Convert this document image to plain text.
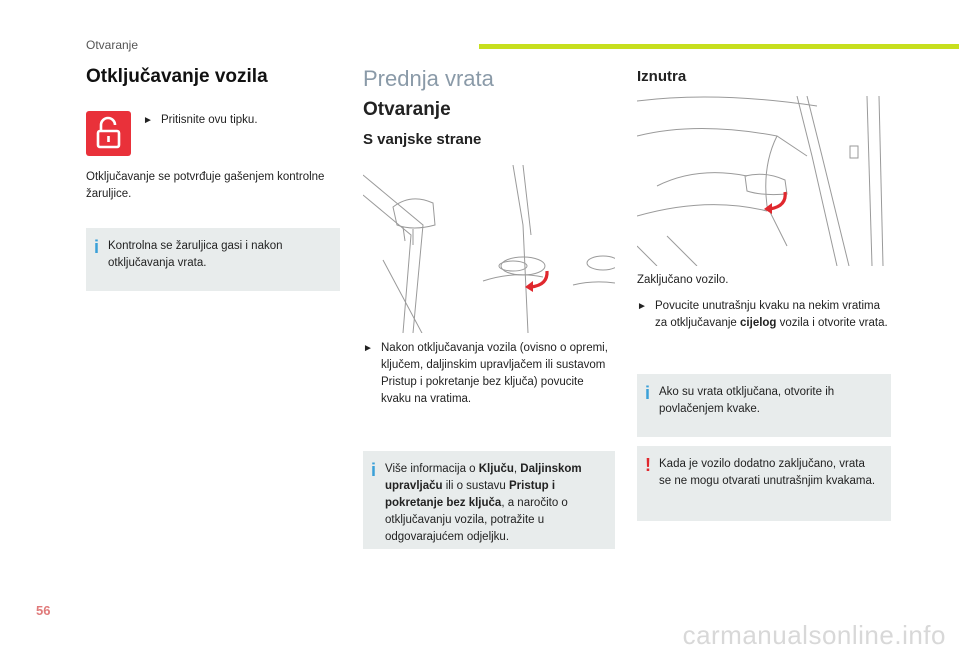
Otvaranje
Otključavanje vozila
► Pritisnite ovu tipku.
Otključavanje se potvrđuje gašenjem kontrolne žaruljice.
i Kontrolna se žaruljica gasi i nakon otključavanja vrata.
Prednja vrata
Otvaranje
S vanjske strane
► Nakon otključavanja vozila (ovisno o opremi, ključem, daljinskim upravljačem ili sustavom Pristup i pokretanje bez ključa) povucite kvaku na vratima.
i Više informacija o Ključu, Daljinskom upravljaču ili o sustavu Pristup i pokretanje bez ključa, a naročito o otključavanju vozila, potražite u odgovarajućem odjeljku.
Iznutra
Zaključano vozilo.
► Povucite unutrašnju kvaku na nekim vratima za otključavanje cijelog vozila i otvorite vrata.
i Ako su vrata otključana, otvorite ih povlačenjem kvake.
! Kada je vozilo dodatno zaključano, vrata se ne mogu otvarati unutrašnjim kvakama.
56
carmanualsonline.info
